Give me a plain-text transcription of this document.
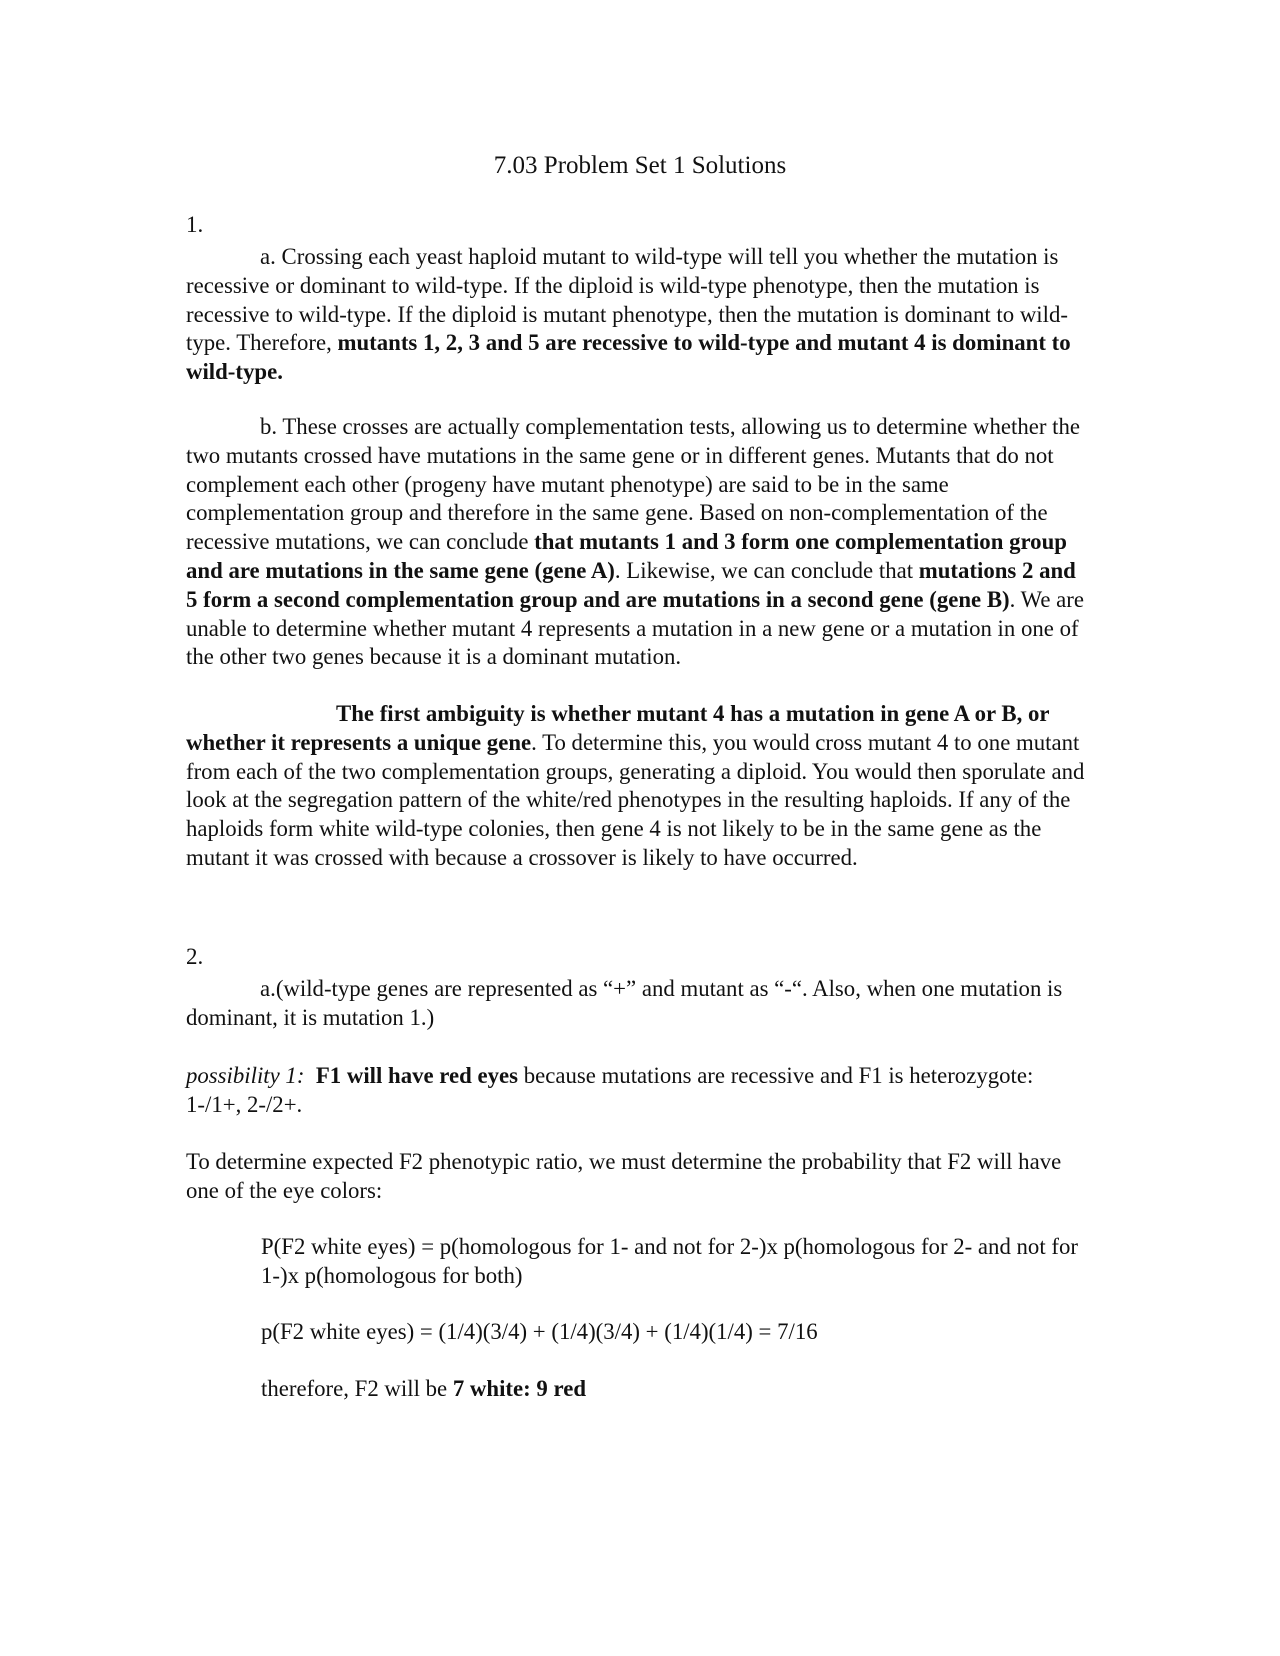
7.03 Problem Set 1 Solutions
1.
a. Crossing each yeast haploid mutant to wild-type will tell you whether the mutation is recessive or dominant to wild-type. If the diploid is wild-type phenotype, then the mutation is recessive to wild-type. If the diploid is mutant phenotype, then the mutation is dominant to wild-type. Therefore, mutants 1, 2, 3 and 5 are recessive to wild-type and mutant 4 is dominant to wild-type.
b. These crosses are actually complementation tests, allowing us to determine whether the two mutants crossed have mutations in the same gene or in different genes. Mutants that do not complement each other (progeny have mutant phenotype) are said to be in the same complementation group and therefore in the same gene. Based on non-complementation of the recessive mutations, we can conclude that mutants 1 and 3 form one complementation group and are mutations in the same gene (gene A). Likewise, we can conclude that mutations 2 and 5 form a second complementation group and are mutations in a second gene (gene B). We are unable to determine whether mutant 4 represents a mutation in a new gene or a mutation in one of the other two genes because it is a dominant mutation.
The first ambiguity is whether mutant 4 has a mutation in gene A or B, or whether it represents a unique gene. To determine this, you would cross mutant 4 to one mutant from each of the two complementation groups, generating a diploid. You would then sporulate and look at the segregation pattern of the white/red phenotypes in the resulting haploids. If any of the haploids form white wild-type colonies, then gene 4 is not likely to be in the same gene as the mutant it was crossed with because a crossover is likely to have occurred.
2.
a.(wild-type genes are represented as “+” and mutant as “-“. Also, when one mutation is dominant, it is mutation 1.)
possibility 1: F1 will have red eyes because mutations are recessive and F1 is heterozygote: 1-/1+, 2-/2+.
To determine expected F2 phenotypic ratio, we must determine the probability that F2 will have one of the eye colors:
P(F2 white eyes) = p(homologous for 1- and not for 2-)x p(homologous for 2- and not for 1-)x p(homologous for both)
p(F2 white eyes) = (1/4)(3/4) + (1/4)(3/4) + (1/4)(1/4) = 7/16
therefore, F2 will be 7 white: 9 red
